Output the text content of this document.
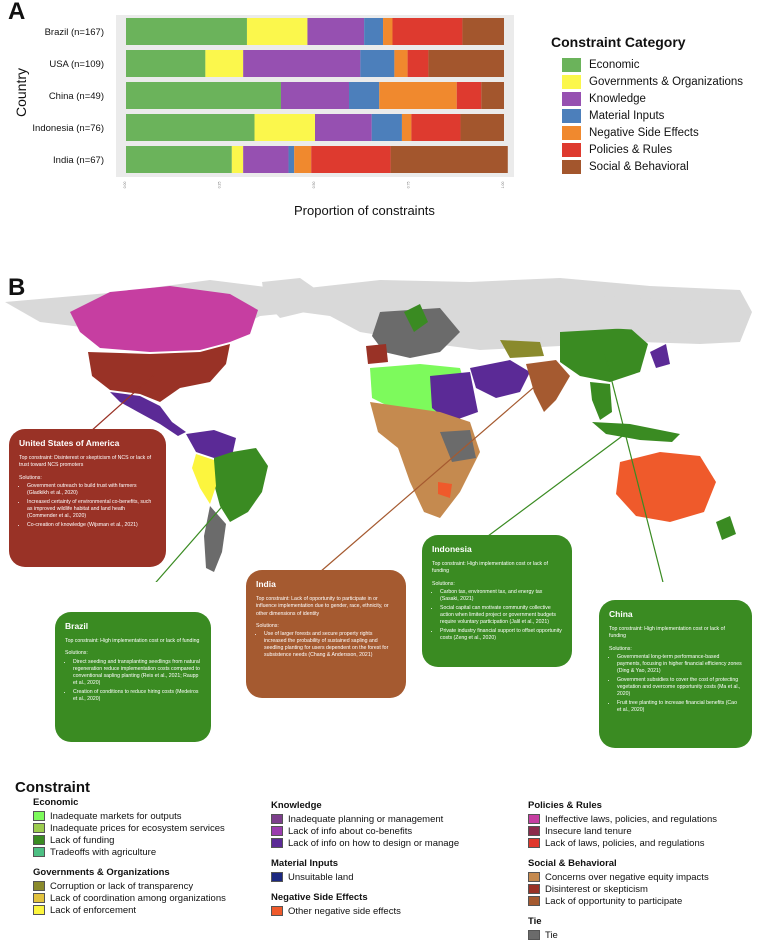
A
Country
Brazil (n=167)
USA (n=109)
China (n=49)
Indonesia (n=76)
India (n=67)
0.00	0.25	0.50	0.75	1.00
Proportion of constraints
Constraint Category
Economic
Governments & Organizations
Knowledge
Material Inputs
Negative Side Effects
Policies & Rules
Social & Behavioral
B
United States of America

Top constraint: Disinterest or skepticism of NCS or lack of trust toward NCS promoters

Solutions:

• Government outreach to build trust with farmers (Gladkikh et al., 2020)
• Increased certainty of environmental co-benefits, such as improved wildlife habitat and land heath (Commender et al., 2020)
• Co-creation of knowledge (Wijsman et al., 2021)
India

Top constraint: Lack of opportunity to participate in or influence implementation due to gender, race, ethnicity, or other dimensions of identity

Solutions:

• Use of larger forests and secure property rights increased the probability of sustained sapling and seedling planting for users dependent on the forest for subsistence needs (Chang & Andersson, 2021)
Indonesia

Top constraint: High implementation cost or lack of funding

Solutions:

• Carbon tax, environment tax, and energy tax (Sasaki, 2021)
• Social capital can motivate community collective action when limited project or government budgets require voluntary participation (Jalil et al., 2021)
• Private industry financial support to offset opportunity costs (Zeng et al., 2020)
Brazil

Top constraint: High implementation cost or lack of funding

Solutions:

• Direct seeding and transplanting seedlings from natural regeneration reduce implementation costs compared to conventional sapling planting (Reis et al., 2021; Raupp et al., 2020)
• Creation of conditions to reduce hiring costs (Medeiros et al., 2020)
China

Top constraint: High implementation cost or lack of funding

Solutions:

• Governmental long-term performance-based payments, focusing in higher financial efficiency zones (Ding & Yao, 2021)
• Government subsidies to cover the cost of protecting vegetation and overcome opportunity costs (Ma et al., 2020)
• Fruit tree planting to increase financial benefits (Cao et al., 2020)
Constraint
Economic
Inadequate markets for outputs
Inadequate prices for ecosystem services
Lack of funding
Tradeoffs with agriculture
Governments & Organizations
Corruption or lack of transparency
Lack of coordination among organizations
Lack of enforcement
Knowledge
Inadequate planning or management
Lack of info about co-benefits
Lack of info on how to design or manage
Material Inputs
Unsuitable land
Negative Side Effects
Other negative side effects
Policies & Rules
Ineffective laws, policies, and regulations
Insecure land tenure
Lack of laws, policies, and regulations
Social & Behavioral
Concerns over negative equity impacts
Disinterest or skepticism
Lack of opportunity to participate
Tie
Tie
